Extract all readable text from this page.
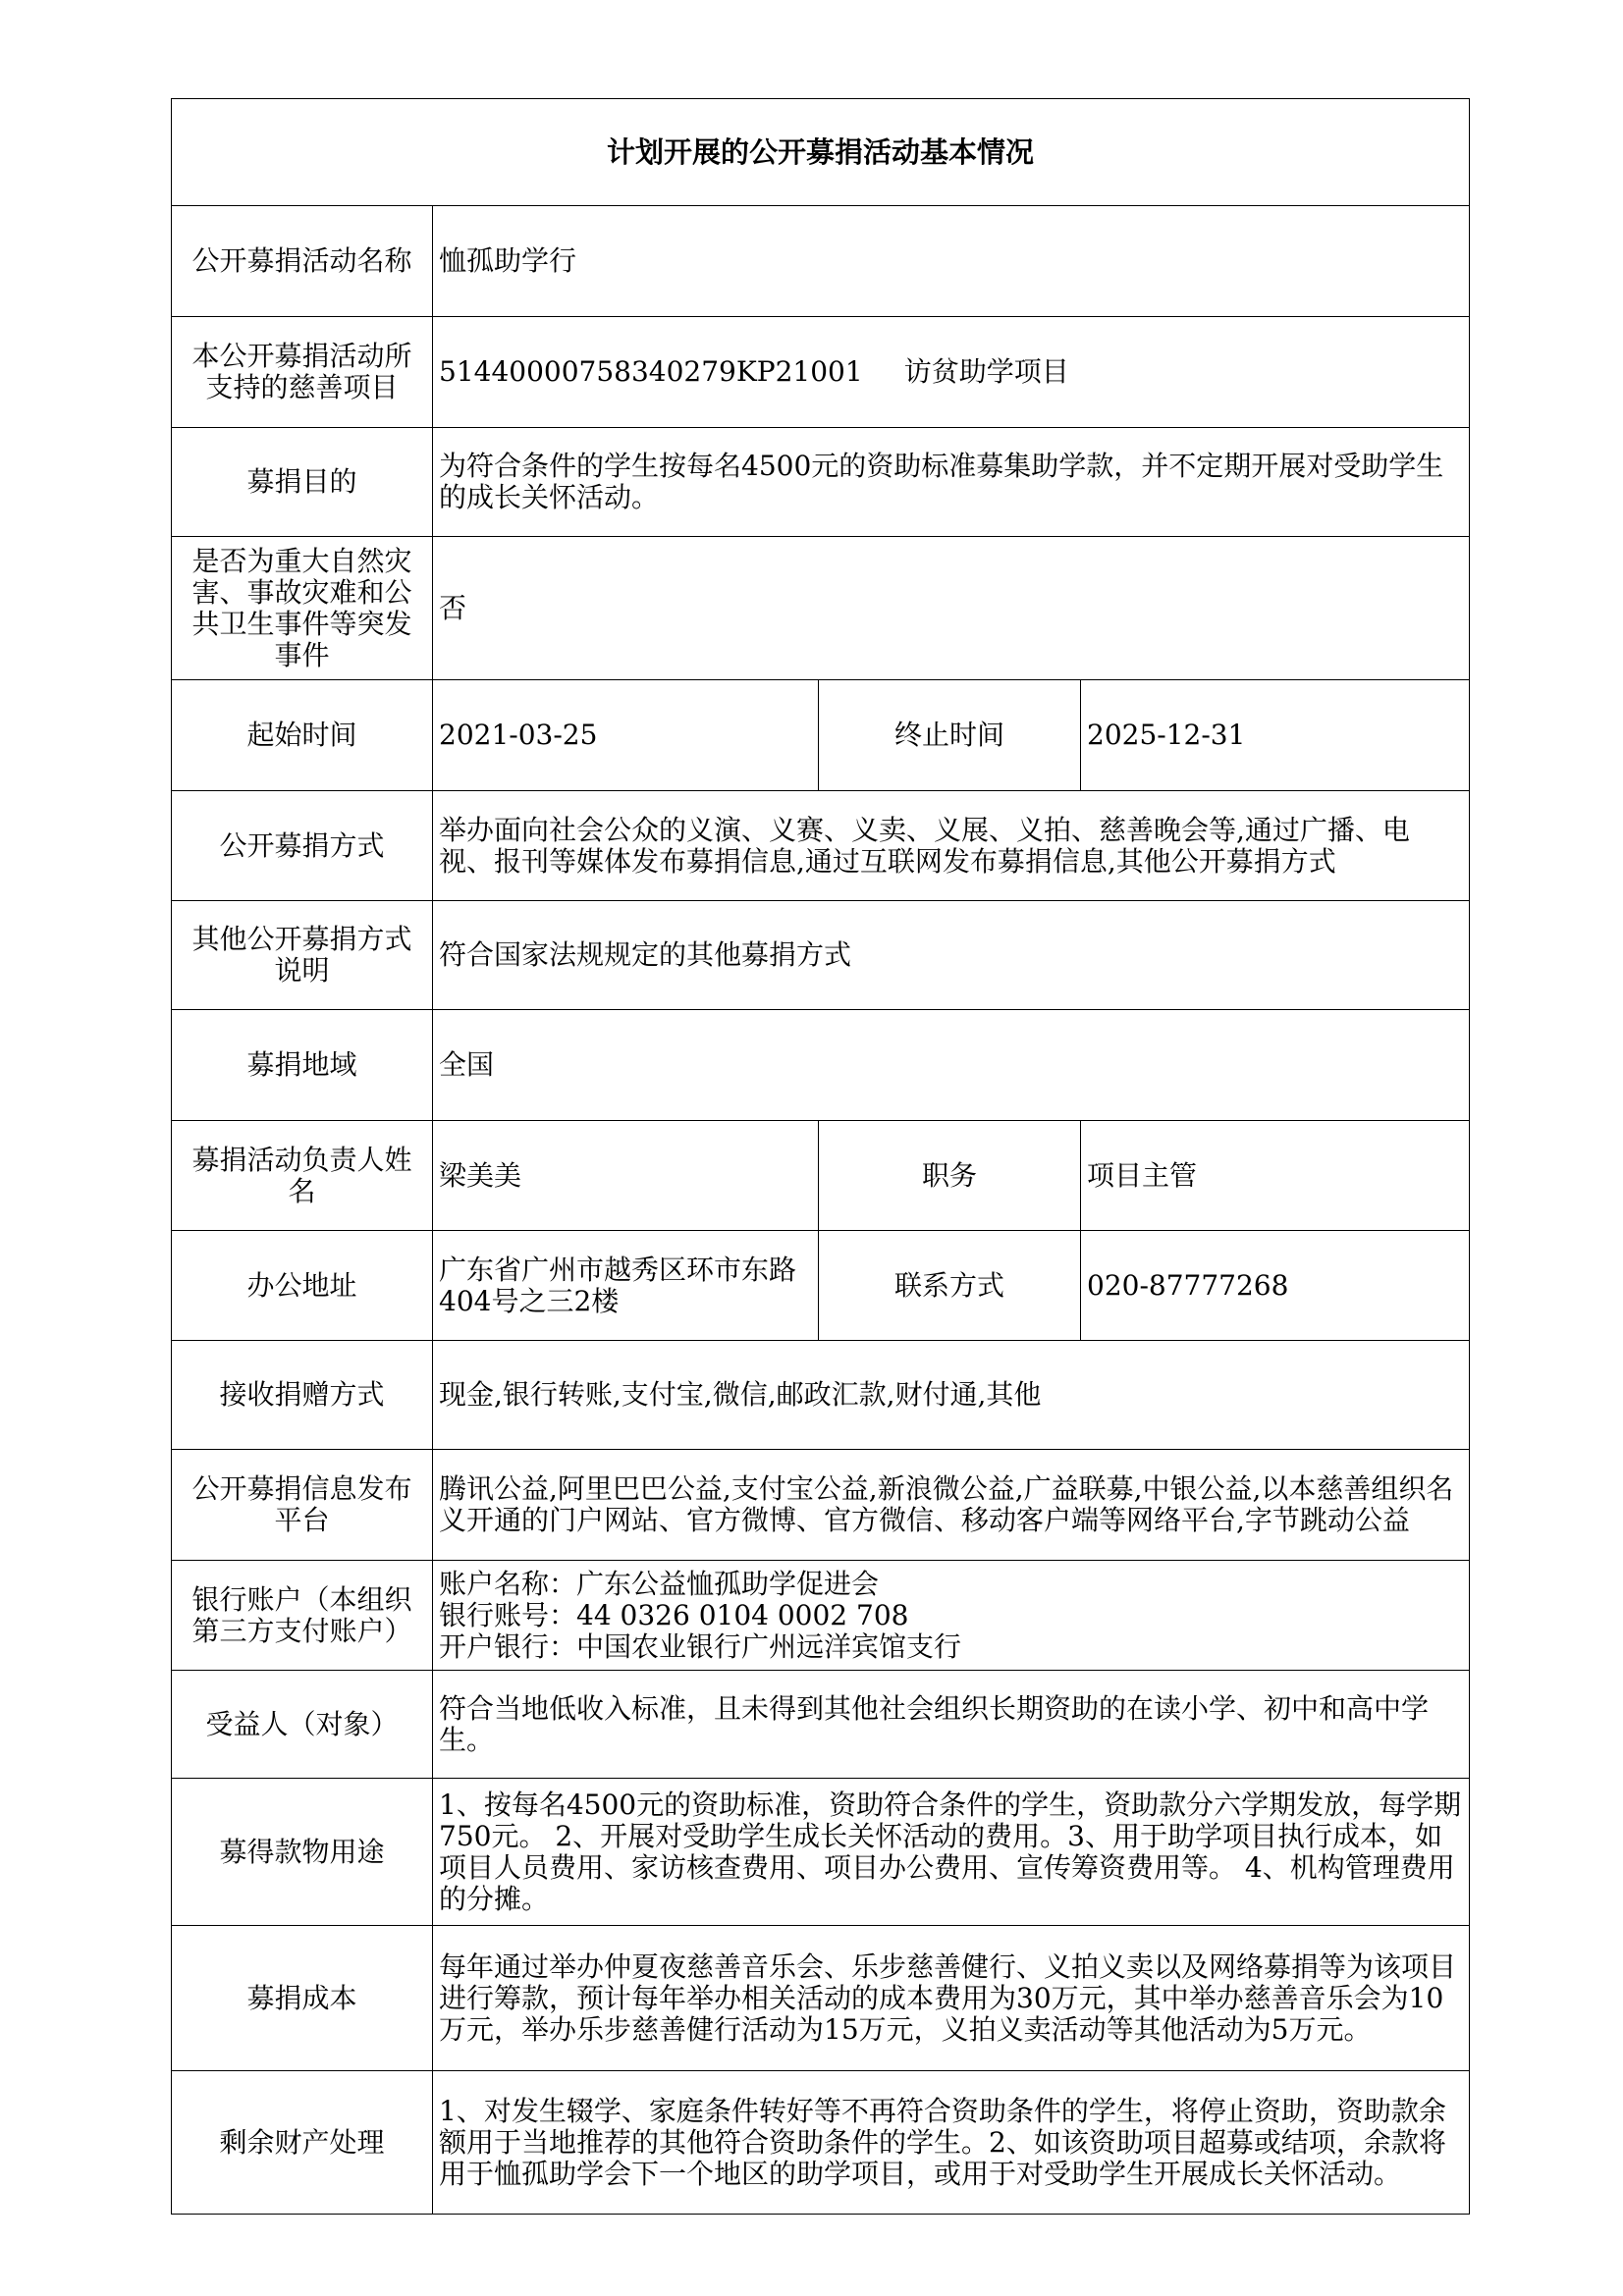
计划开展的公开募捐活动基本情况			
公开募捐活动名称	恤孤助学行		
本公开募捐活动所支持的慈善项目	51440000758340279KP21001 访贫助学项目		
募捐目的	为符合条件的学生按每名4500元的资助标准募集助学款，并不定期开展对受助学生的成长关怀活动。		
是否为重大自然灾害、事故灾难和公共卫生事件等突发事件	否		
起始时间	2021-03-25	终止时间	2025-12-31
公开募捐方式	举办面向社会公众的义演、义赛、义卖、义展、义拍、慈善晚会等,通过广播、电视、报刊等媒体发布募捐信息,通过互联网发布募捐信息,其他公开募捐方式		
其他公开募捐方式说明	符合国家法规规定的其他募捐方式		
募捐地域	全国		
募捐活动负责人姓名	梁美美	职务	项目主管
办公地址	广东省广州市越秀区环市东路404号之三2楼	联系方式	020-87777268
接收捐赠方式	现金,银行转账,支付宝,微信,邮政汇款,财付通,其他		
公开募捐信息发布平台	腾讯公益,阿里巴巴公益,支付宝公益,新浪微公益,广益联募,中银公益,以本慈善组织名义开通的门户网站、官方微博、官方微信、移动客户端等网络平台,字节跳动公益		
银行账户（本组织第三方支付账户）	账户名称：广东公益恤孤助学促进会
银行账号：44 0326 0104 0002 708
开户银行：中国农业银行广州远洋宾馆支行		
受益人（对象）	符合当地低收入标准，且未得到其他社会组织长期资助的在读小学、初中和高中学生。		
募得款物用途	1、按每名4500元的资助标准，资助符合条件的学生，资助款分六学期发放，每学期750元。 2、开展对受助学生成长关怀活动的费用。3、用于助学项目执行成本，如项目人员费用、家访核查费用、项目办公费用、宣传筹资费用等。 4、机构管理费用的分摊。		
募捐成本	每年通过举办仲夏夜慈善音乐会、乐步慈善健行、义拍义卖以及网络募捐等为该项目进行筹款，预计每年举办相关活动的成本费用为30万元，其中举办慈善音乐会为10万元，举办乐步慈善健行活动为15万元，义拍义卖活动等其他活动为5万元。		
剩余财产处理	1、对发生辍学、家庭条件转好等不再符合资助条件的学生，将停止资助，资助款余额用于当地推荐的其他符合资助条件的学生。2、如该资助项目超募或结项，余款将用于恤孤助学会下一个地区的助学项目，或用于对受助学生开展成长关怀活动。		
